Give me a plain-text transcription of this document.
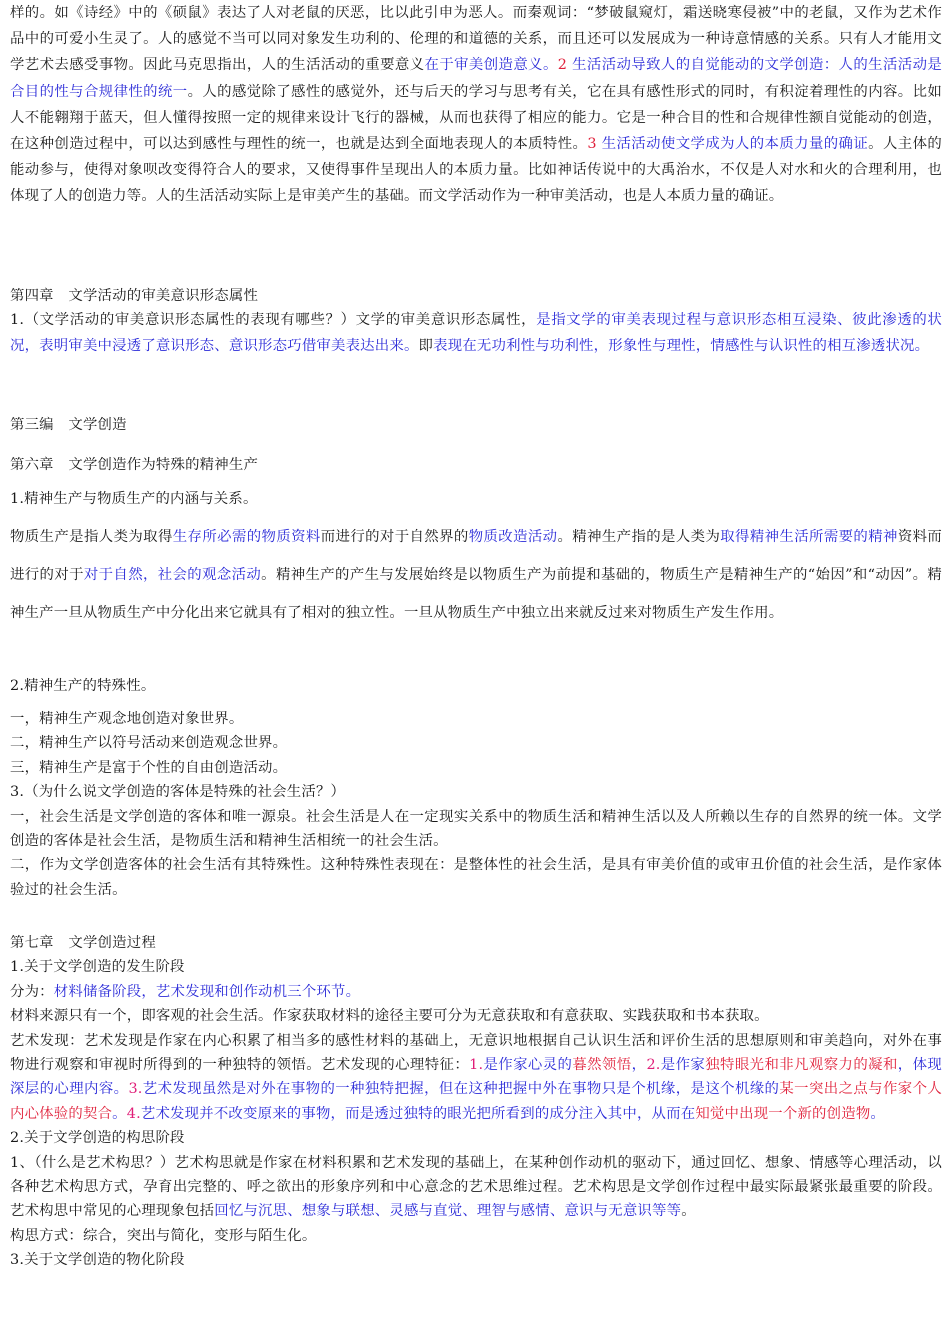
样的。如《诗经》中的《硕鼠》表达了人对老鼠的厌恶，比以此引申为恶人。而秦观词：“梦破鼠窥灯，霜送晓寒侵被”中的老鼠，又作为艺术作品中的可爱小生灵了。人的感觉不当可以同对象发生功利的、伦理的和道德的关系，而且还可以发展成为一种诗意情感的关系。只有人才能用文学艺术去感受事物。因此马克思指出，人的生活活动的重要意义在于审美创造意义。2 生活活动导致人的自觉能动的文学创造：人的生活活动是合目的性与合规律性的统一。人的感觉除了感性的感觉外，还与后天的学习与思考有关，它在具有感性形式的同时，有积淀着理性的内容。比如人不能翱翔于蓝天，但人懂得按照一定的规律来设计飞行的器械，从而也获得了相应的能力。它是一种合目的性和合规律性额自觉能动的创造，在这种创造过程中，可以达到感性与理性的统一，也就是达到全面地表现人的本质特性。3 生活活动使文学成为人的本质力量的确证。人主体的能动参与，使得对象呗改变得符合人的要求，又使得事件呈现出人的本质力量。比如神话传说中的大禹治水，不仅是人对水和火的合理利用，也体现了人的创造力等。人的生活活动实际上是审美产生的基础。而文学活动作为一种审美活动，也是人本质力量的确证。

第四章　文学活动的审美意识形态属性

1.（文学活动的审美意识形态属性的表现有哪些？）文学的审美意识形态属性，是指文学的审美表现过程与意识形态相互浸染、彼此渗透的状况，表明审美中浸透了意识形态、意识形态巧借审美表达出来。即表现在无功利性与功利性，形象性与理性，情感性与认识性的相互渗透状况。

第三编　文学创造

第六章　文学创造作为特殊的精神生产

1.精神生产与物质生产的内涵与关系。

物质生产是指人类为取得生存所必需的物质资料而进行的对于自然界的物质改造活动。精神生产指的是人类为取得精神生活所需要的精神资料而进行的对于对于自然，社会的观念活动。精神生产的产生与发展始终是以物质生产为前提和基础的，物质生产是精神生产的“始因”和“动因”。精神生产一旦从物质生产中分化出来它就具有了相对的独立性。一旦从物质生产中独立出来就反过来对物质生产发生作用。

2.精神生产的特殊性。

一，精神生产观念地创造对象世界。
二，精神生产以符号活动来创造观念世界。
三，精神生产是富于个性的自由创造活动。
3.（为什么说文学创造的客体是特殊的社会生活？）
一，社会生活是文学创造的客体和唯一源泉。社会生活是人在一定现实关系中的物质生活和精神生活以及人所赖以生存的自然界的统一体。文学创造的客体是社会生活，是物质生活和精神生活相统一的社会生活。
二，作为文学创造客体的社会生活有其特殊性。这种特殊性表现在：是整体性的社会生活，是具有审美价值的或审丑价值的社会生活，是作家体验过的社会生活。

第七章　文学创造过程
1.关于文学创造的发生阶段
分为：材料储备阶段，艺术发现和创作动机三个环节。
材料来源只有一个，即客观的社会生活。作家获取材料的途径主要可分为无意获取和有意获取、实践获取和书本获取。
艺术发现：艺术发现是作家在内心积累了相当多的感性材料的基础上，无意识地根据自己认识生活和评价生活的思想原则和审美趋向，对外在事物进行观察和审视时所得到的一种独特的领悟。艺术发现的心理特征：1.是作家心灵的暮然领悟，2.是作家独特眼光和非凡观察力的凝和，体现深层的心理内容。3.艺术发现虽然是对外在事物的一种独特把握，但在这种把握中外在事物只是个机缘，是这个机缘的某一突出之点与作家个人内心体验的契合。4.艺术发现并不改变原来的事物，而是透过独特的眼光把所看到的成分注入其中，从而在知觉中出现一个新的创造物。
2.关于文学创造的构思阶段
1、（什么是艺术构思？）艺术构思就是作家在材料积累和艺术发现的基础上，在某种创作动机的驱动下，通过回忆、想象、情感等心理活动，以各种艺术构思方式，孕育出完整的、呼之欲出的形象序列和中心意念的艺术思维过程。艺术构思是文学创作过程中最实际最紧张最重要的阶段。艺术构思中常见的心理现象包括回忆与沉思、想象与联想、灵感与直觉、理智与感情、意识与无意识等等。
构思方式：综合，突出与简化，变形与陌生化。
3.关于文学创造的物化阶段
